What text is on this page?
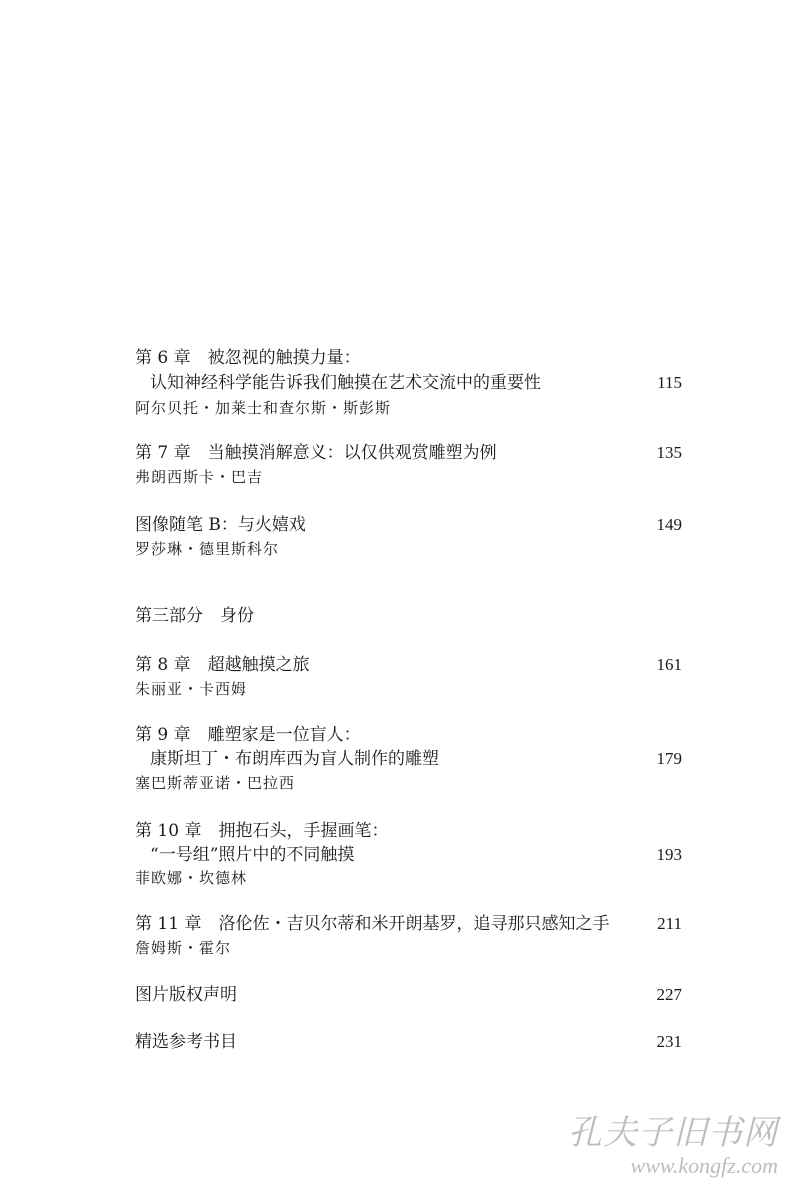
第 6 章　 被忽视的触摸力量：
认知神经科学能告诉我们触摸在艺术交流中的重要性	115
阿尔贝托・加莱士和查尔斯・斯彭斯
第 7 章　 当触摸消解意义：以仅供观赏雕塑为例	135
弗朗西斯卡・巴吉
图像随笔 B：与火嬉戏	149
罗莎琳・德里斯科尔
第三部分　身份
第 8 章　 超越触摸之旅	161
朱丽亚・卡西姆
第 9 章　 雕塑家是一位盲人：
康斯坦丁・布朗库西为盲人制作的雕塑	179
塞巴斯蒂亚诺・巴拉西
第 10 章　 拥抱石头，手握画笔：
“一号组”照片中的不同触摸	193
菲欧娜・坎德林
第 11 章　 洛伦佐・吉贝尔蒂和米开朗基罗，追寻那只感知之手	211
詹姆斯・霍尔
图片版权声明	227
精选参考书目	231
孔夫子旧书网
www.kongfz.com
